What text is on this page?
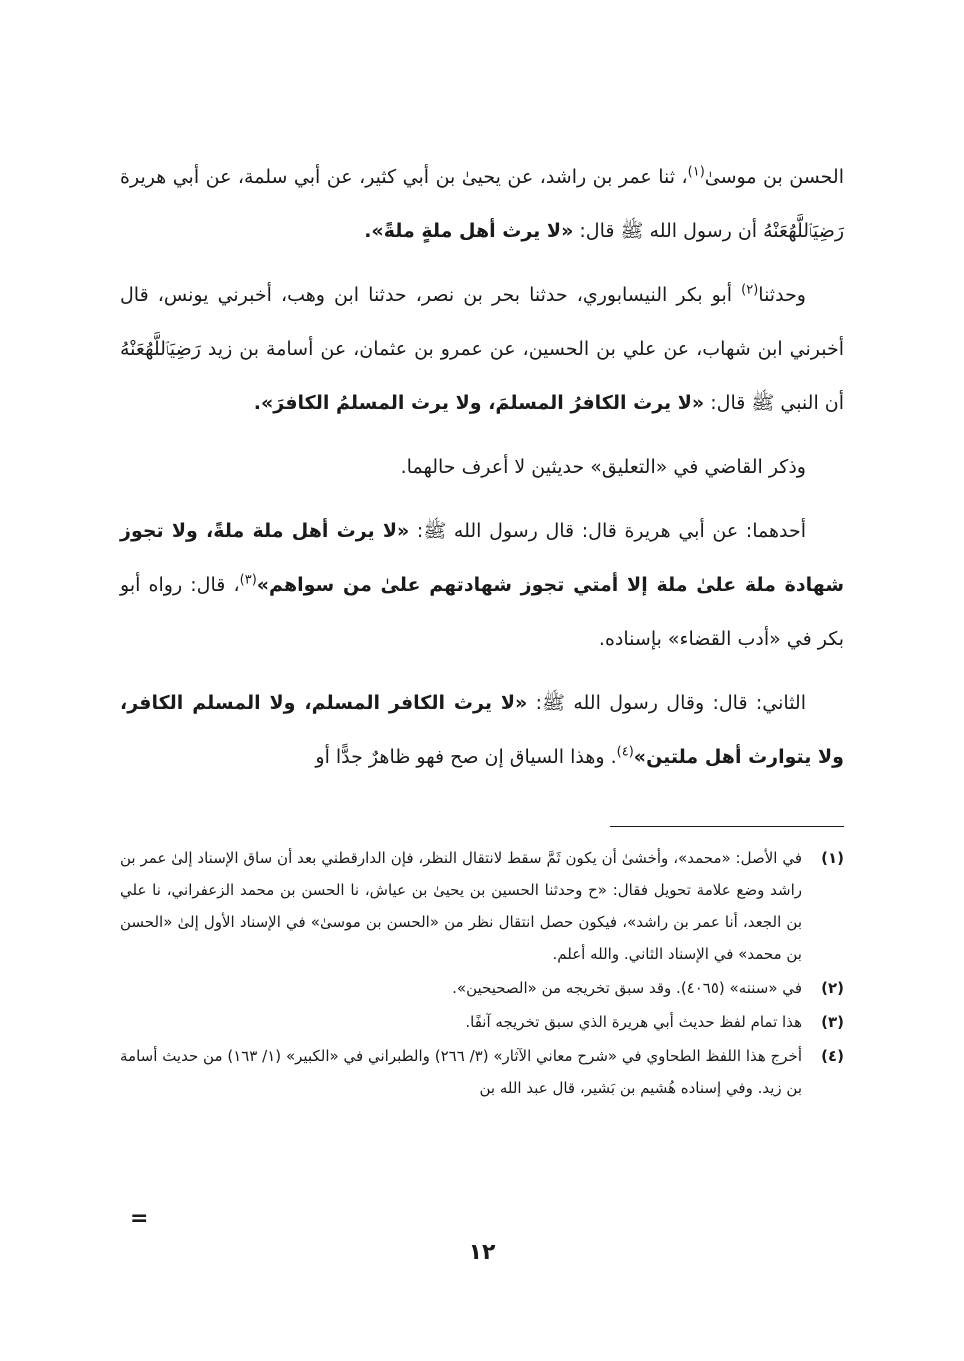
الحسن بن موسىٰ$^{(١)}$، ثنا عمر بن راشد، عن يحيىٰ بن أبي كثير، عن أبي سلمة، عن أبي هريرة رَضِيَٱللَّهُعَنْهُ أن رسول الله ﷺ قال: «لا يرث أهل ملةٍ ملةً».

وحدثنا$^{(٢)}$ أبو بكر النيسابوري، حدثنا بحر بن نصر، حدثنا ابن وهب، أخبرني يونس، قال أخبرني ابن شهاب، عن علي بن الحسين، عن عمرو بن عثمان، عن أسامة بن زيد رَضِيَٱللَّهُعَنْهُ أن النبي ﷺ قال: «لا يرث الكافرُ المسلمَ، ولا يرث المسلمُ الكافرَ».

وذكر القاضي في «التعليق» حديثين لا أعرف حالهما.

أحدهما: عن أبي هريرة قال: قال رسول الله ﷺ: «لا يرث أهل ملة ملةً، ولا تجوز شهادة ملة علىٰ ملة إلا أمتي تجوز شهادتهم علىٰ من سواهم»$^{(٣)}$، قال: رواه أبو بكر في «أدب القضاء» بإسناده.

الثاني: قال: وقال رسول الله ﷺ: «لا يرث الكافر المسلم، ولا المسلم الكافر، ولا يتوارث أهل ملتين»$^{(٤)}$. وهذا السياق إن صح فهو ظاهرٌ جدًّا أو

(١)
في الأصل: «محمد»، وأخشىٰ أن يكون ثَمَّ سقط لانتقال النظر، فإن الدارقطني بعد أن ساق الإسناد إلىٰ عمر بن راشد وضع علامة تحويل فقال: «ح وحدثنا الحسين بن يحيىٰ بن عياش، نا الحسن بن محمد الزعفراني، نا علي بن الجعد، أنا عمر بن راشد»، فيكون حصل انتقال نظر من «الحسن بن موسىٰ» في الإسناد الأول إلىٰ «الحسن بن محمد» في الإسناد الثاني. والله أعلم.
(٢)
في «سننه» (٤٠٦٥). وقد سبق تخريجه من «الصحيحين».
(٣)
هذا تمام لفظ حديث أبي هريرة الذي سبق تخريجه آنفًا.
(٤)
أخرج هذا اللفظ الطحاوي في «شرح معاني الآثار» (٣/ ٢٦٦) والطبراني في «الكبير» (١/ ١٦٣) من حديث أسامة بن زيد. وفي إسناده هُشيم بن بَشير، قال عبد الله بن
=
١٢
